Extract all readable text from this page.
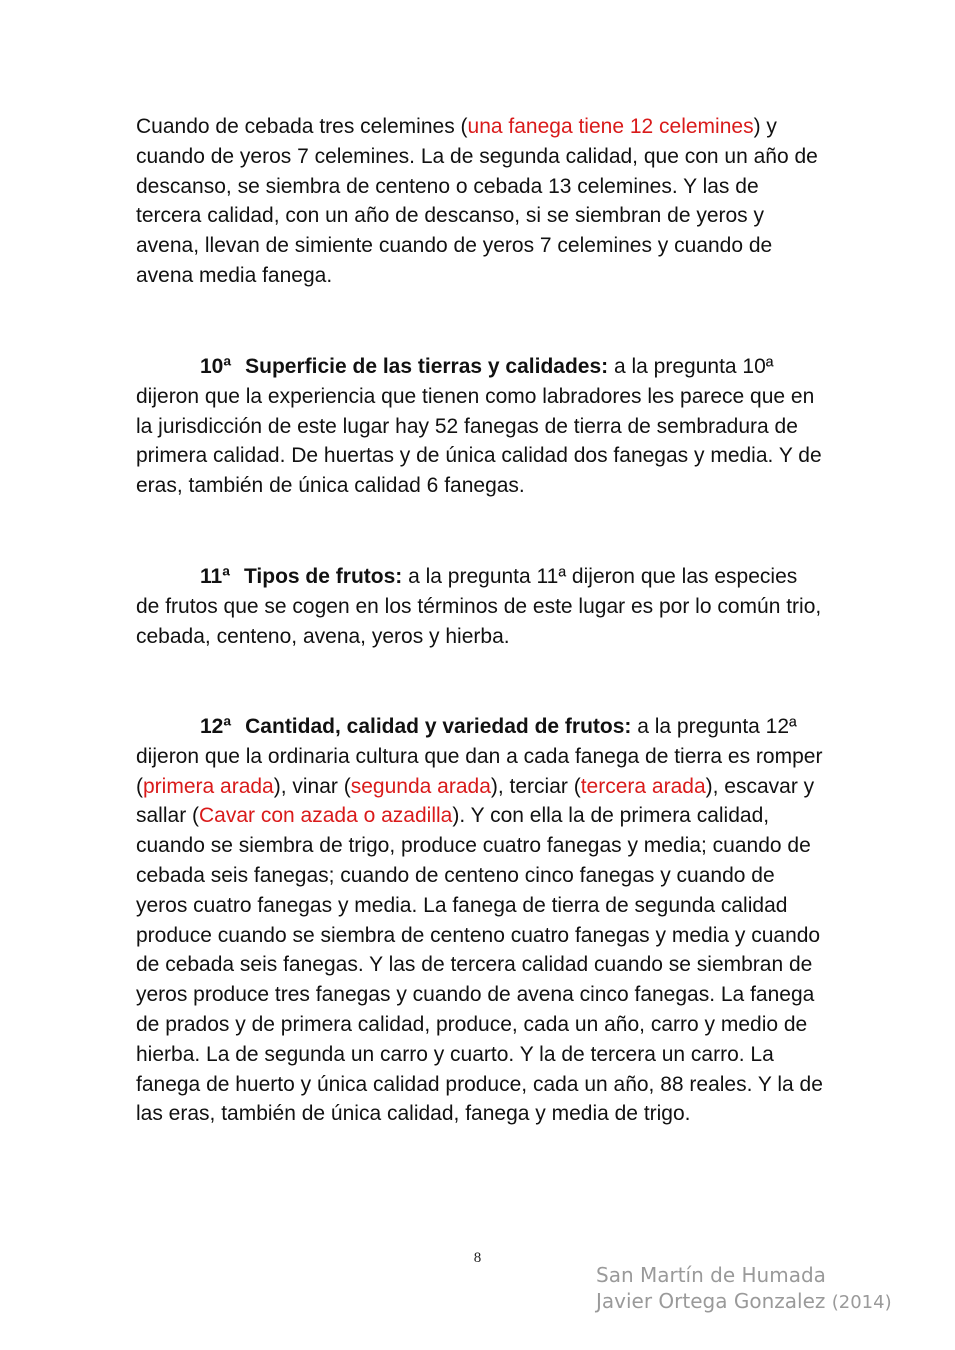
Cuando de cebada tres celemines (una fanega tiene 12 celemines) y cuando de yeros 7 celemines. La de segunda calidad, que con un año de descanso, se siembra de centeno o cebada 13 celemines. Y las de tercera calidad, con un año de descanso, si se siembran de yeros y avena, llevan de simiente cuando de yeros 7 celemines y cuando de avena media fanega.

10ª Superficie de las tierras y calidades: a la pregunta 10ª dijeron que la experiencia que tienen como labradores les parece que en la jurisdicción de este lugar hay 52 fanegas de tierra de sembradura de primera calidad. De huertas y de única calidad dos fanegas y media. Y de eras, también de única calidad 6 fanegas.

11ª Tipos de frutos: a la pregunta 11ª dijeron que las especies de frutos que se cogen en los términos de este lugar es por lo común trio, cebada, centeno, avena, yeros y hierba.

12ª Cantidad, calidad y variedad de frutos: a la pregunta 12ª dijeron que la ordinaria cultura que dan a cada fanega de tierra es romper (primera arada), vinar (segunda arada), terciar (tercera arada), escavar y sallar (Cavar con azada o azadilla). Y con ella la de primera calidad, cuando se siembra de trigo, produce cuatro fanegas y media; cuando de cebada seis fanegas; cuando de centeno cinco fanegas y cuando de yeros cuatro fanegas y media. La fanega de tierra de segunda calidad produce cuando se siembra de centeno cuatro fanegas y media y cuando de cebada seis fanegas. Y las de tercera calidad cuando se siembran de yeros produce tres fanegas y cuando de avena cinco fanegas. La fanega de prados y de primera calidad, produce, cada un año, carro y medio de hierba. La de segunda un carro y cuarto. Y la de tercera un carro. La fanega de huerto y única calidad produce, cada un año, 88 reales. Y la de las eras, también de única calidad, fanega y media de trigo.

8
San Martín de Humada
Javier Ortega Gonzalez (2014)
